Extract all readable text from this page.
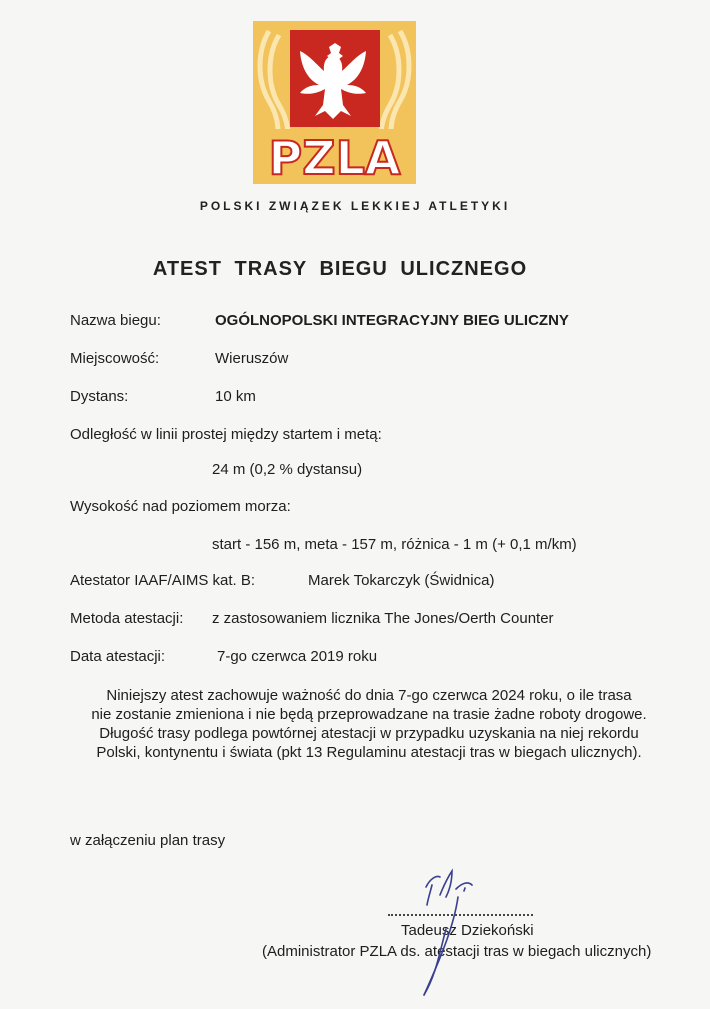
PZLA
POLSKI ZWIĄZEK LEKKIEJ ATLETYKI
ATEST TRASY BIEGU ULICZNEGO
Nazwa biegu:	OGÓLNOPOLSKI INTEGRACYJNY BIEG ULICZNY
Miejscowość:	Wieruszów
Dystans:	10 km
Odległość w linii prostej między startem i metą:
24 m (0,2 % dystansu)
Wysokość nad poziomem morza:
start - 156 m, meta - 157 m, różnica - 1 m (+ 0,1 m/km)
Atestator IAAF/AIMS kat. B:	Marek Tokarczyk (Świdnica)
Metoda atestacji: z zastosowaniem licznika The Jones/Oerth Counter
Data atestacji:	7-go czerwca 2019 roku
Niniejszy atest zachowuje ważność do dnia 7-go czerwca 2024 roku, o ile trasa
nie zostanie zmieniona i nie będą przeprowadzane na trasie żadne roboty drogowe.
Długość trasy podlega powtórnej atestacji w przypadku uzyskania na niej rekordu
Polski, kontynentu i świata (pkt 13 Regulaminu atestacji tras w biegach ulicznych).
w załączeniu plan trasy
Tadeusz Dziekoński
(Administrator PZLA ds. atestacji tras w biegach ulicznych)
